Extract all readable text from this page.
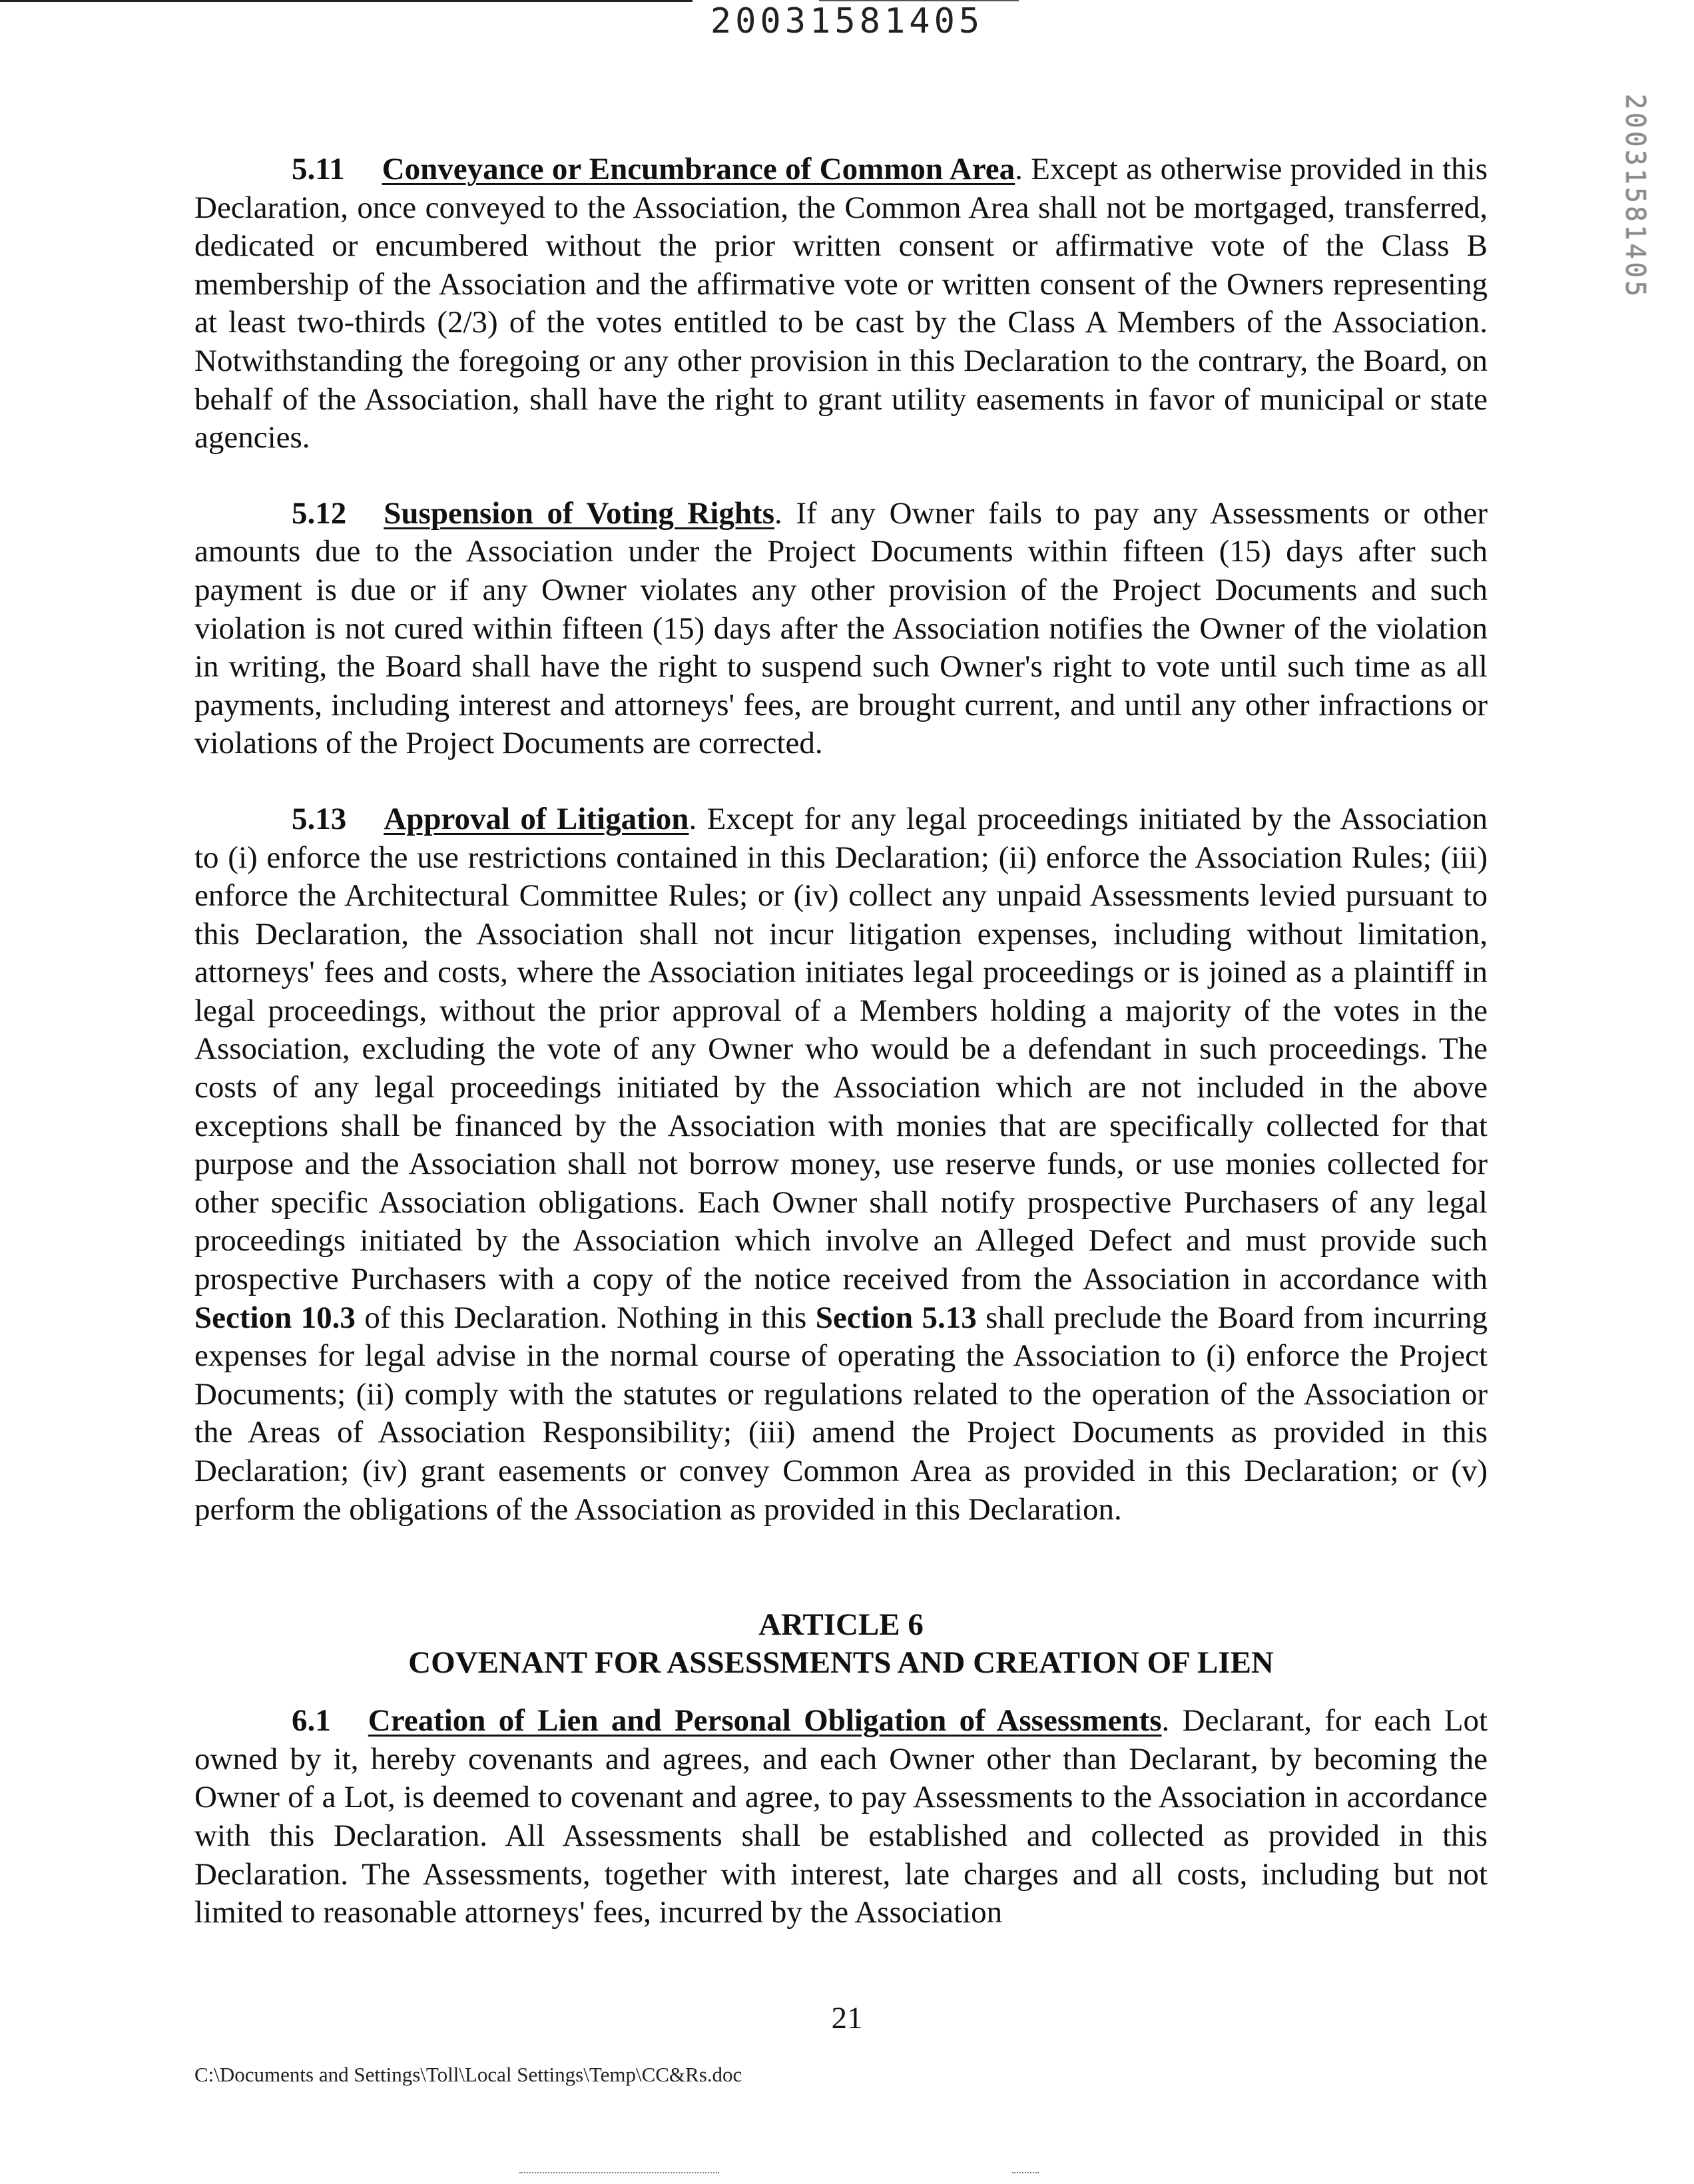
20031581405
20031581405

5.11 Conveyance or Encumbrance of Common Area. Except as otherwise provided in this Declaration, once conveyed to the Association, the Common Area shall not be mortgaged, transferred, dedicated or encumbered without the prior written consent or affirmative vote of the Class B membership of the Association and the affirmative vote or written consent of the Owners representing at least two-thirds (2/3) of the votes entitled to be cast by the Class A Members of the Association. Notwithstanding the foregoing or any other provision in this Declaration to the contrary, the Board, on behalf of the Association, shall have the right to grant utility easements in favor of municipal or state agencies.

5.12 Suspension of Voting Rights. If any Owner fails to pay any Assessments or other amounts due to the Association under the Project Documents within fifteen (15) days after such payment is due or if any Owner violates any other provision of the Project Documents and such violation is not cured within fifteen (15) days after the Association notifies the Owner of the violation in writing, the Board shall have the right to suspend such Owner's right to vote until such time as all payments, including interest and attorneys' fees, are brought current, and until any other infractions or violations of the Project Documents are corrected.

5.13 Approval of Litigation. Except for any legal proceedings initiated by the Association to (i) enforce the use restrictions contained in this Declaration; (ii) enforce the Association Rules; (iii) enforce the Architectural Committee Rules; or (iv) collect any unpaid Assessments levied pursuant to this Declaration, the Association shall not incur litigation expenses, including without limitation, attorneys' fees and costs, where the Association initiates legal proceedings or is joined as a plaintiff in legal proceedings, without the prior approval of a Members holding a majority of the votes in the Association, excluding the vote of any Owner who would be a defendant in such proceedings. The costs of any legal proceedings initiated by the Association which are not included in the above exceptions shall be financed by the Association with monies that are specifically collected for that purpose and the Association shall not borrow money, use reserve funds, or use monies collected for other specific Association obligations. Each Owner shall notify prospective Purchasers of any legal proceedings initiated by the Association which involve an Alleged Defect and must provide such prospective Purchasers with a copy of the notice received from the Association in accordance with Section 10.3 of this Declaration. Nothing in this Section 5.13 shall preclude the Board from incurring expenses for legal advise in the normal course of operating the Association to (i) enforce the Project Documents; (ii) comply with the statutes or regulations related to the operation of the Association or the Areas of Association Responsibility; (iii) amend the Project Documents as provided in this Declaration; (iv) grant easements or convey Common Area as provided in this Declaration; or (v) perform the obligations of the Association as provided in this Declaration.

ARTICLE 6
COVENANT FOR ASSESSMENTS AND CREATION OF LIEN

6.1 Creation of Lien and Personal Obligation of Assessments. Declarant, for each Lot owned by it, hereby covenants and agrees, and each Owner other than Declarant, by becoming the Owner of a Lot, is deemed to covenant and agree, to pay Assessments to the Association in accordance with this Declaration. All Assessments shall be established and collected as provided in this Declaration. The Assessments, together with interest, late charges and all costs, including but not limited to reasonable attorneys' fees, incurred by the Association

21
C:\Documents and Settings\Toll\Local Settings\Temp\CC&Rs.doc
